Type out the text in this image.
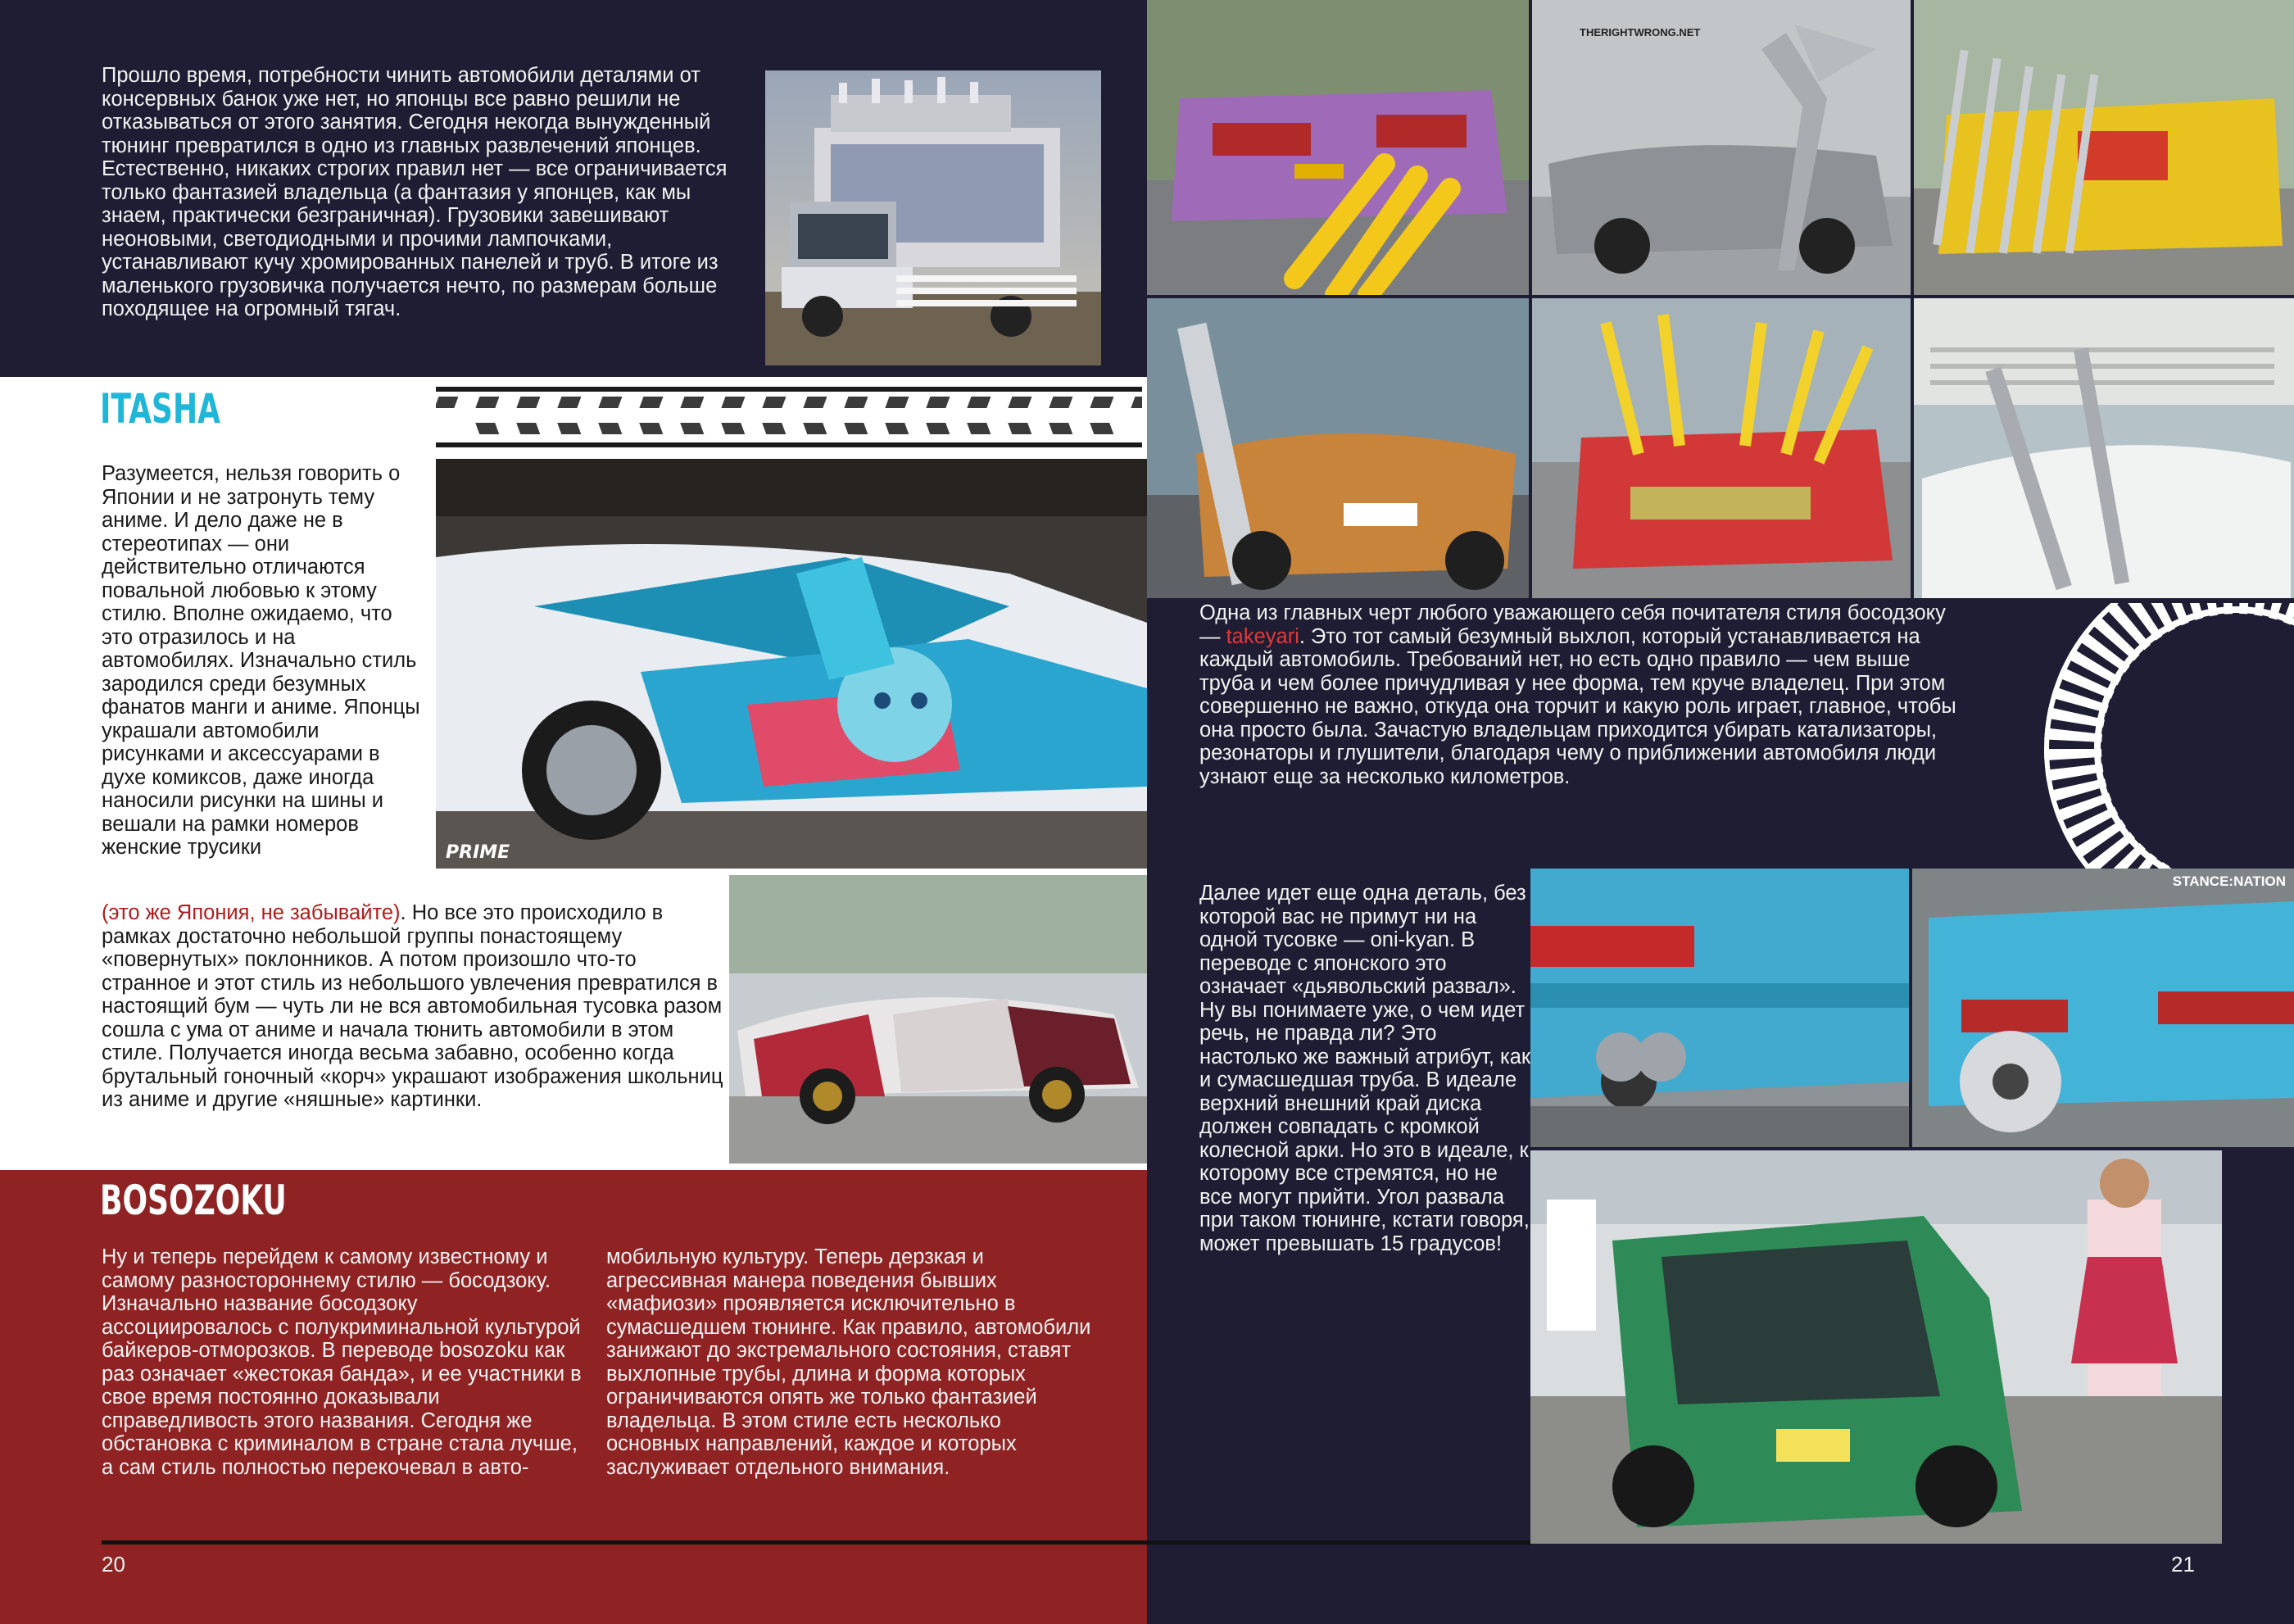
Прошло время, потребности чинить автомобили деталями от консервных банок уже нет, но японцы все равно решили не отказываться от этого занятия. Сегодня некогда вынужденный тюнинг превратился в одно из главных развлечений японцев. Естественно, никаких строгих правил нет — все ограничивается только фантазией владельца (а фантазия у японцев, как мы знаем, практически безграничная). Грузовики завешивают неоновыми, светодиодными и прочими лампочками, устанавливают кучу хромированных панелей и труб. В итоге из маленького грузовичка получается нечто, по размерам больше походящее на огромный тягач.

ITASHA
PRIME

Разумеется, нельзя говорить о Японии и не затронуть тему аниме. И дело даже не в стереотипах — они действительно отличаются повальной любовью к этому стилю. Вполне ожидаемо, что это отразилось и на автомобилях. Изначально стиль зародился среди безумных фанатов манги и аниме. Японцы украшали автомобили рисунками и аксессуарами в духе комиксов, даже иногда наносили рисунки на шины и вешали на рамки номеров женские трусики

(это же Япония, не забывайте). Но все это происходило в рамках достаточно небольшой группы понастоящему «повернутых» поклонников. А потом произошло что-то странное и этот стиль из небольшого увлечения превратился в настоящий бум — чуть ли не вся автомобильная тусовка разом сошла с ума от аниме и начала тюнить автомобили в этом стиле. Получается иногда весьма забавно, особенно когда брутальный гоночный «корч» украшают изображения школьниц из аниме и другие «няшные» картинки.

BOSOZOKU

Ну и теперь перейдем к самому известному и самому разностороннему стилю — босодзоку. Изначально название босодзоку ассоциировалось с полукриминальной культурой байкеров-отморозков. В переводе bosozoku как раз означает «жестокая банда», и ее участники в свое время постоянно доказывали справедливость этого названия. Сегодня же обстановка с криминалом в стране стала лучше, а сам стиль полностью перекочевал в авто-

мобильную культуру. Теперь дерзкая и агрессивная манера поведения бывших «мафиози» проявляется исключительно в сумасшедшем тюнинге. Как правило, автомобили занижают до экстремального состояния, ставят выхлопные трубы, длина и форма которых ограничиваются опять же только фантазией владельца. В этом стиле есть несколько основных направлений, каждое и которых заслуживает отдельного внимания.

20
THERIGHTWRONG.NET

Одна из главных черт любого уважающего себя почитателя стиля босодзоку — takeyari. Это тот самый безумный выхлоп, который устанавливается на каждый автомобиль. Требований нет, но есть одно правило — чем выше труба и чем более причудливая у нее форма, тем круче владелец. При этом совершенно не важно, откуда она торчит и какую роль играет, главное, чтобы она просто была. Зачастую владельцам приходится убирать катализаторы, резонаторы и глушители, благодаря чему о приближении автомобиля люди узнают еще за несколько километров.

Далее идет еще одна деталь, без которой вас не примут ни на одной тусовке — oni-kyan. В переводе с японского это означает «дьявольский развал». Ну вы понимаете уже, о чем идет речь, не правда ли? Это настолько же важный атрибут, как и сумасшедшая труба. В идеале верхний внешний край диска должен совпадать с кромкой колесной арки. Но это в идеале, к которому все стремятся, но не все могут прийти. Угол развала при таком тюнинге, кстати говоря, может превышать 15 градусов!

STANCE:NATION
21
